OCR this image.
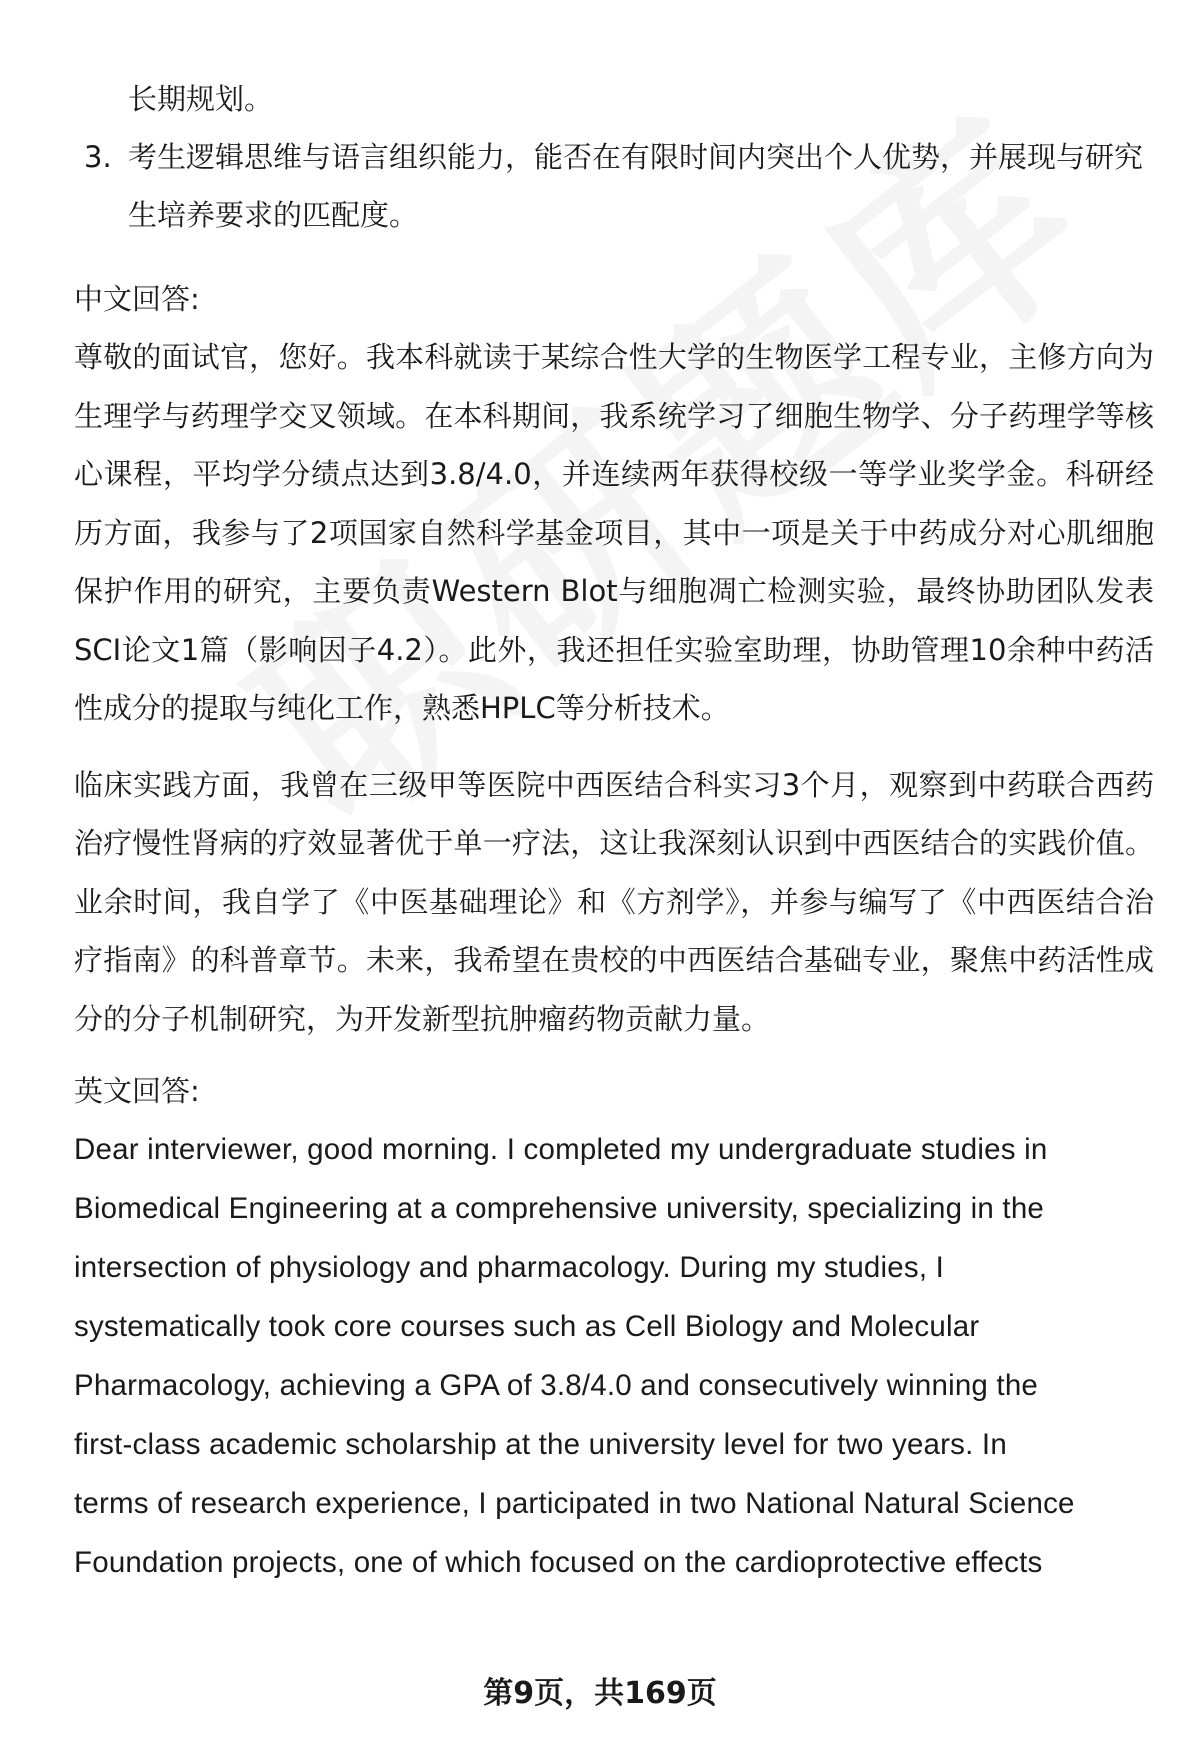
长期规划。

3. 考生逻辑思维与语言组织能力，能否在有限时间内突出个人优势，并展现与研究生培养要求的匹配度。

中文回答:

尊敬的面试官，您好。我本科就读于某综合性大学的生物医学工程专业，主修方向为生理学与药理学交叉领域。在本科期间，我系统学习了细胞生物学、分子药理学等核心课程，平均学分绩点达到3.8/4.0，并连续两年获得校级一等学业奖学金。科研经历方面，我参与了2项国家自然科学基金项目，其中一项是关于中药成分对心肌细胞保护作用的研究，主要负责Western Blot与细胞凋亡检测实验，最终协助团队发表SCI论文1篇（影响因子4.2）。此外，我还担任实验室助理，协助管理10余种中药活性成分的提取与纯化工作，熟悉HPLC等分析技术。

临床实践方面，我曾在三级甲等医院中西医结合科实习3个月，观察到中药联合西药治疗慢性肾病的疗效显著优于单一疗法，这让我深刻认识到中西医结合的实践价值。业余时间，我自学了《中医基础理论》和《方剂学》，并参与编写了《中西医结合治疗指南》的科普章节。未来，我希望在贵校的中西医结合基础专业，聚焦中药活性成分的分子机制研究，为开发新型抗肿瘤药物贡献力量。

英文回答:

Dear interviewer, good morning. I completed my undergraduate studies in
Biomedical Engineering at a comprehensive university, specializing in the
intersection of physiology and pharmacology. During my studies, I
systematically took core courses such as Cell Biology and Molecular
Pharmacology, achieving a GPA of 3.8/4.0 and consecutively winning the
first-class academic scholarship at the university level for two years. In
terms of research experience, I participated in two National Natural Science
Foundation projects, one of which focused on the cardioprotective effects
第9页，共169页
